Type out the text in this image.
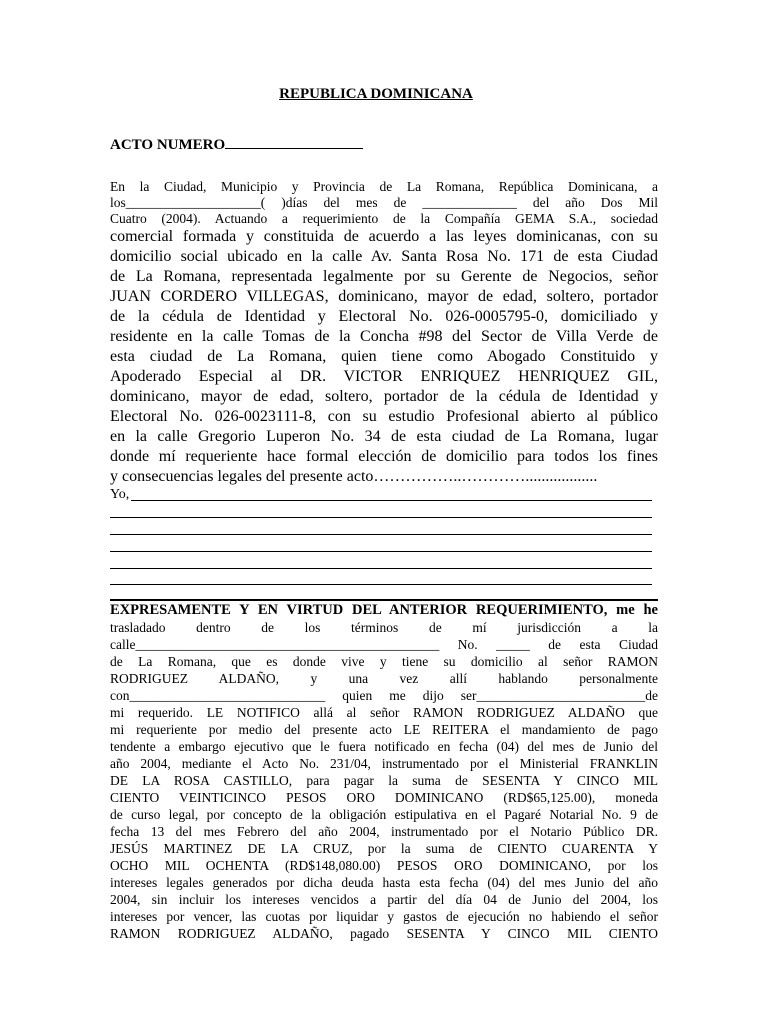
REPUBLICA DOMINICANA
ACTO NUMERO
En la Ciudad, Municipio y Provincia de La Romana, República Dominicana, a
los____________________( )días del mes de ______________ del año Dos Mil
Cuatro (2004). Actuando a requerimiento de la Compañía GEMA S.A., sociedad
comercial formada y constituida de acuerdo a las leyes dominicanas, con su
domicilio social ubicado en la calle Av. Santa Rosa No. 171 de esta Ciudad
de La Romana, representada legalmente por su Gerente de Negocios, señor
JUAN CORDERO VILLEGAS, dominicano, mayor de edad, soltero, portador
de la cédula de Identidad y Electoral No. 026-0005795-0, domiciliado y
residente en la calle Tomas de la Concha #98 del Sector de Villa Verde de
esta ciudad de La Romana, quien tiene como Abogado Constituido y
Apoderado Especial al DR. VICTOR ENRIQUEZ HENRIQUEZ GIL,
dominicano, mayor de edad, soltero, portador de la cédula de Identidad y
Electoral No. 026-0023111-8, con su estudio Profesional abierto al público
en la calle Gregorio Luperon No. 34 de esta ciudad de La Romana, lugar
donde mí requeriente hace formal elección de domicilio para todos los fines
y consecuencias legales del presente acto……………..…………..................
Yo,
EXPRESAMENTE Y EN VIRTUD DEL ANTERIOR REQUERIMIENTO, me he
trasladado dentro de los términos de mí jurisdicción a la
calle_____________________________________________ No. _____ de esta Ciudad
de La Romana, que es donde vive y tiene su domicilio al señor RAMON
RODRIGUEZ ALDAÑO, y una vez allí hablando personalmente
con_____________________________ quien me dijo ser_________________________de
mi requerido. LE NOTIFICO allá al señor RAMON RODRIGUEZ ALDAÑO que
mi requeriente por medio del presente acto LE REITERA el mandamiento de pago
tendente a embargo ejecutivo que le fuera notificado en fecha (04) del mes de Junio del
año 2004, mediante el Acto No. 231/04, instrumentado por el Ministerial FRANKLIN
DE LA ROSA CASTILLO, para pagar la suma de SESENTA Y CINCO MIL
CIENTO VEINTICINCO PESOS ORO DOMINICANO (RD$65,125.00), moneda
de curso legal, por concepto de la obligación estipulativa en el Pagaré Notarial No. 9 de
fecha 13 del mes Febrero del año 2004, instrumentado por el Notario Público DR.
JESÚS MARTINEZ DE LA CRUZ, por la suma de CIENTO CUARENTA Y
OCHO MIL OCHENTA (RD$148,080.00) PESOS ORO DOMINICANO, por los
intereses legales generados por dicha deuda hasta esta fecha (04) del mes Junio del año
2004, sin incluir los intereses vencidos a partir del día 04 de Junio del 2004, los
intereses por vencer, las cuotas por liquidar y gastos de ejecución no habiendo el señor
RAMON RODRIGUEZ ALDAÑO, pagado SESENTA Y CINCO MIL CIENTO
